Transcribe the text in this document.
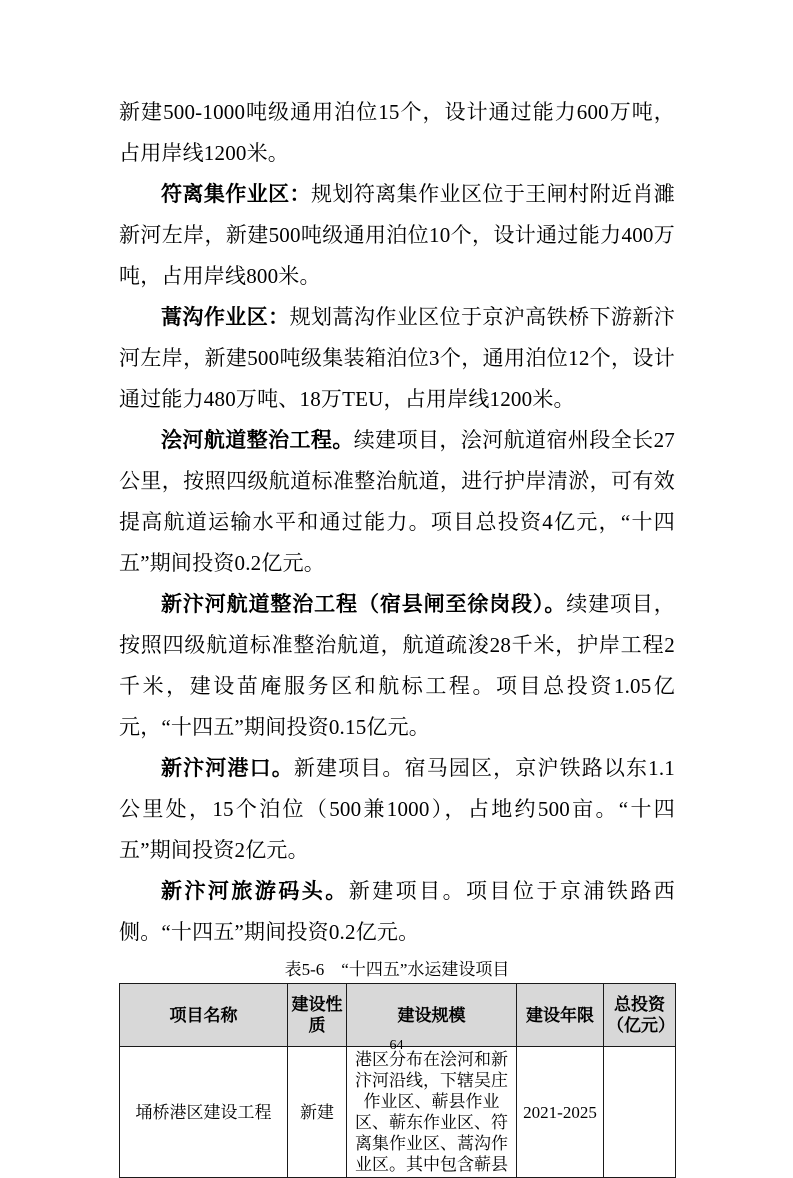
新建500-1000吨级通用泊位15个，设计通过能力600万吨，占用岸线1200米。

符离集作业区：规划符离集作业区位于王闸村附近肖濉新河左岸，新建500吨级通用泊位10个，设计通过能力400万吨，占用岸线800米。

蒿沟作业区：规划蒿沟作业区位于京沪高铁桥下游新汴河左岸，新建500吨级集装箱泊位3个，通用泊位12个，设计通过能力480万吨、18万TEU，占用岸线1200米。

浍河航道整治工程。续建项目，浍河航道宿州段全长27公里，按照四级航道标准整治航道，进行护岸清淤，可有效提高航道运输水平和通过能力。项目总投资4亿元，“十四五”期间投资0.2亿元。

新汴河航道整治工程（宿县闸至徐岗段）。续建项目，按照四级航道标准整治航道，航道疏浚28千米，护岸工程2千米，建设苗庵服务区和航标工程。项目总投资1.05亿元，“十四五”期间投资0.15亿元。

新汴河港口。新建项目。宿马园区，京沪铁路以东1.1公里处，15个泊位（500兼1000），占地约500亩。“十四五”期间投资2亿元。

新汴河旅游码头。新建项目。项目位于京浦铁路西侧。“十四五”期间投资0.2亿元。

表5-6　“十四五”水运建设项目
项目名称	建设性质	建设规模	建设年限	总投资（亿元）
埇桥港区建设工程	新建	港区分布在浍河和新汴河沿线，下辖吴庄作业区、蕲县作业区、蕲东作业区、符离集作业区、蒿沟作业区。其中包含蕲县	2021-2025	
64
